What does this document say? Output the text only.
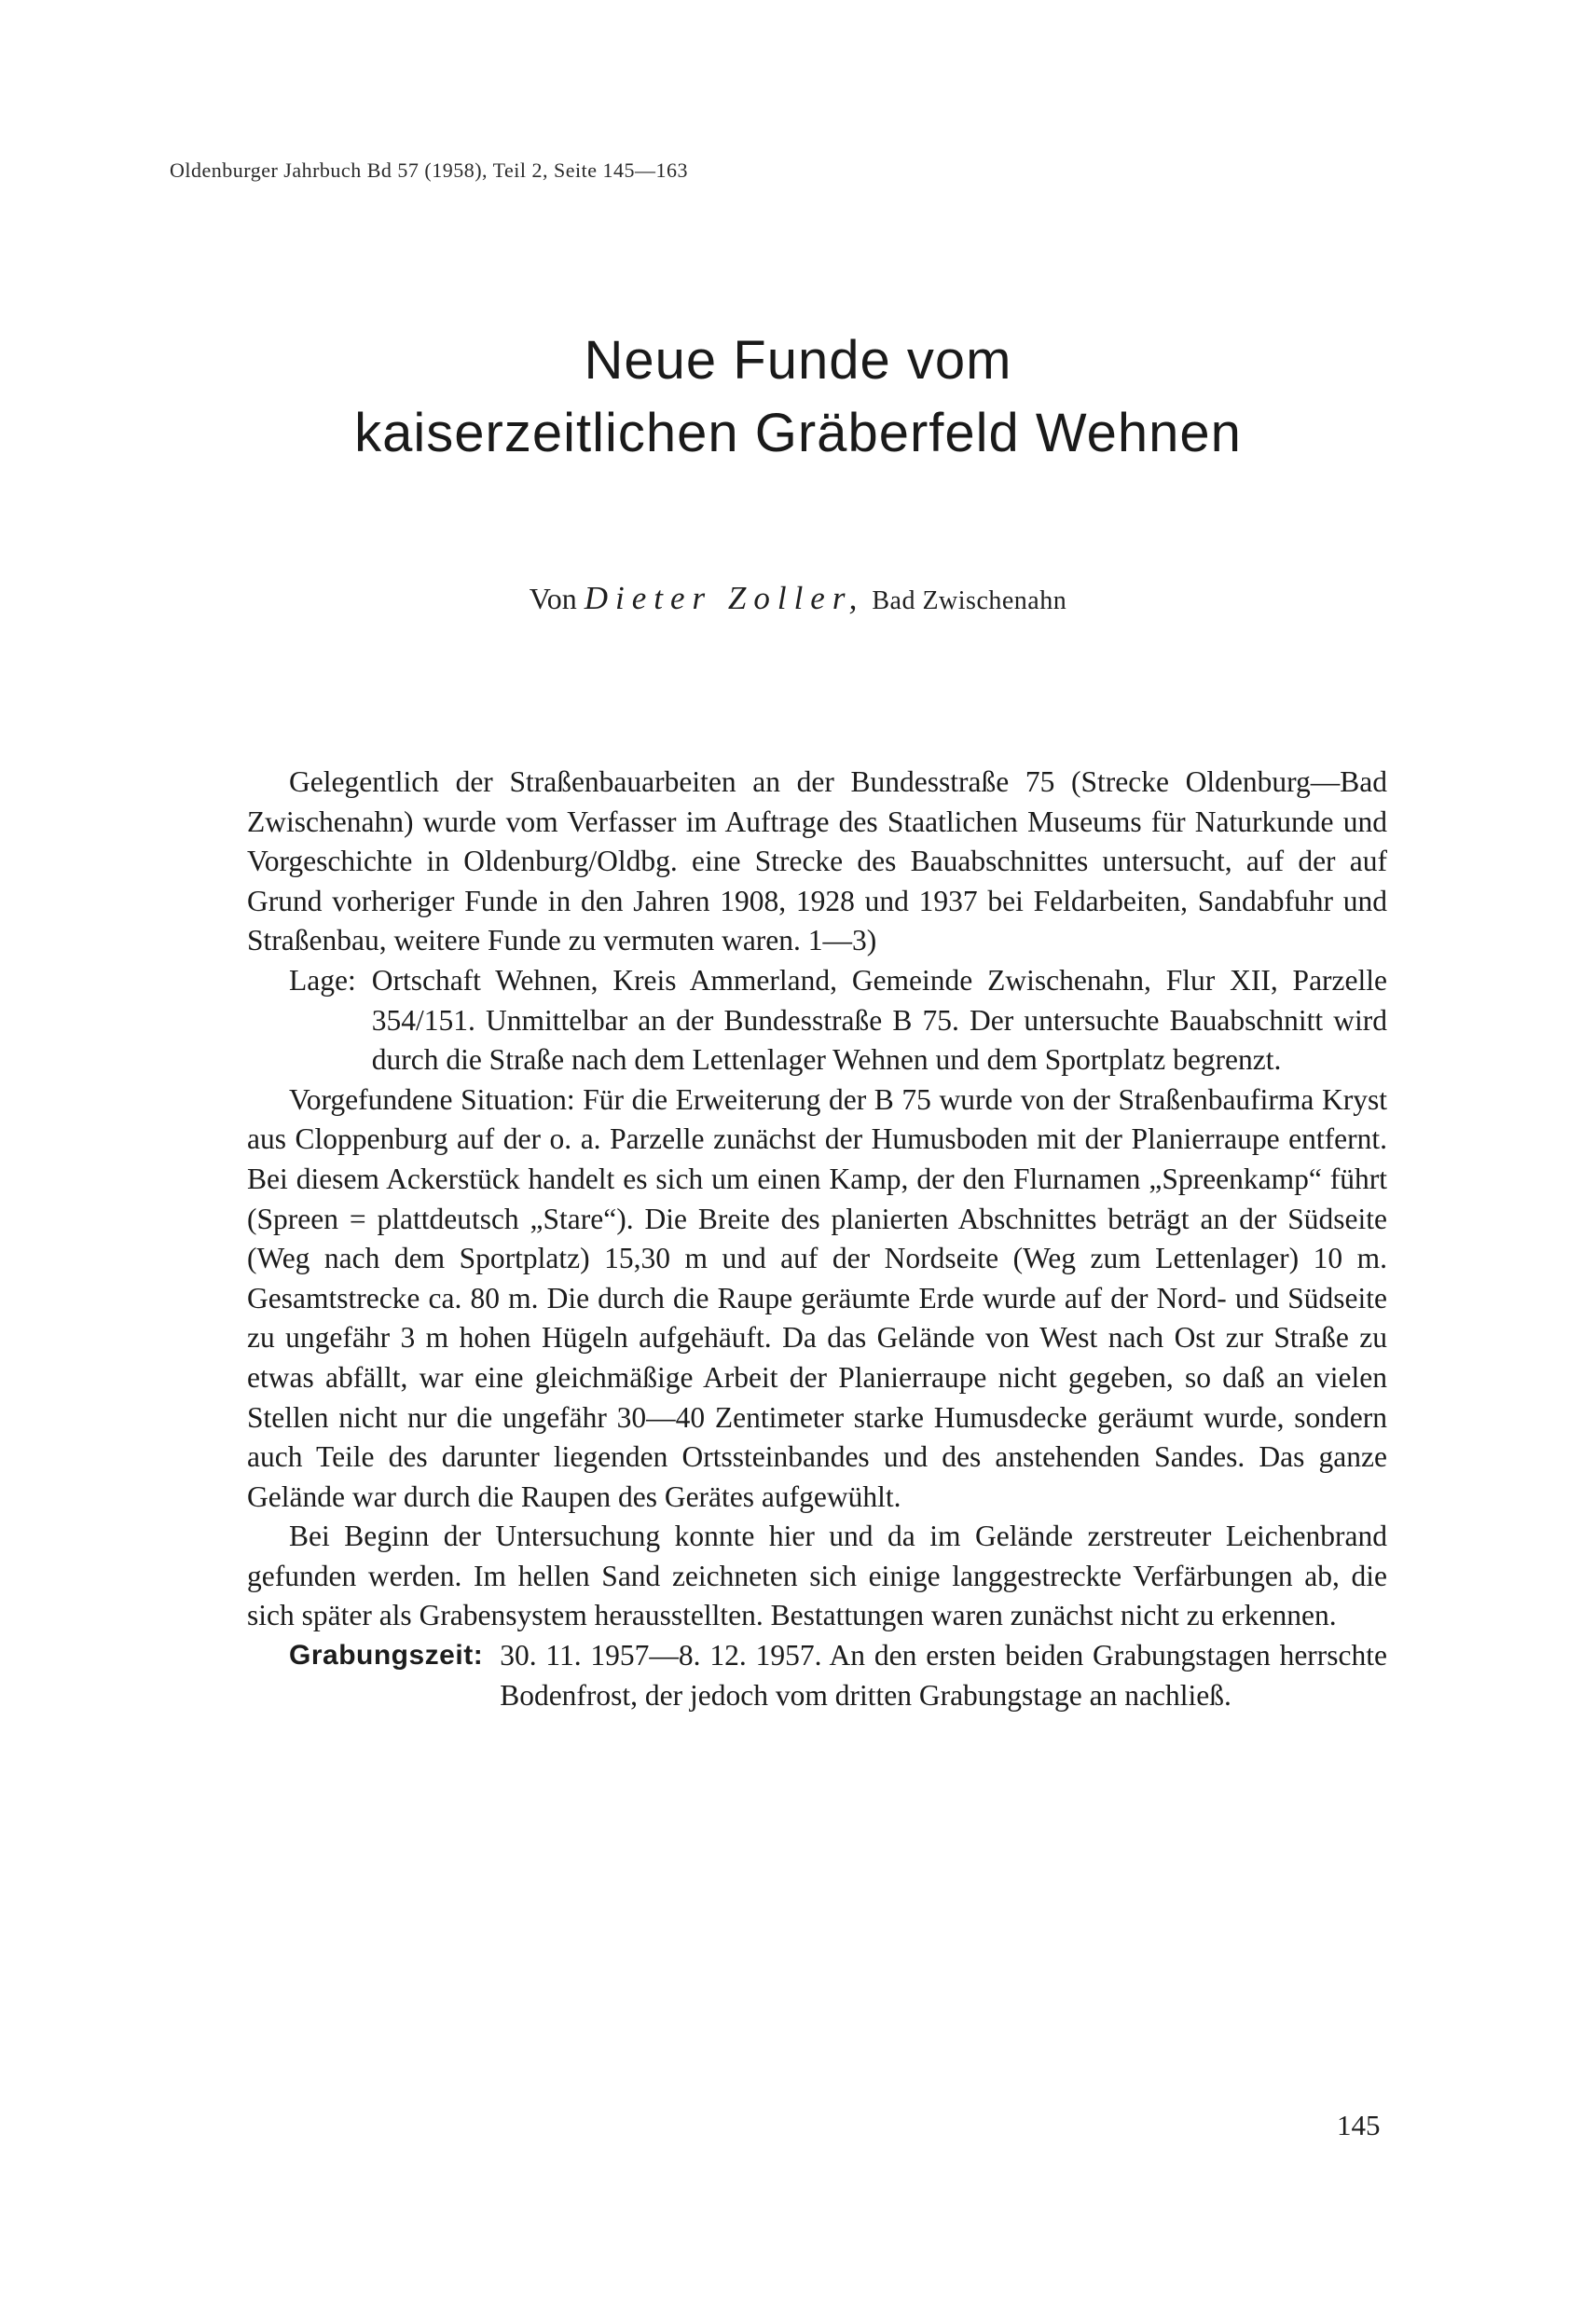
Oldenburger Jahrbuch Bd 57 (1958), Teil 2, Seite 145—163
Neue Funde vom
kaiserzeitlichen Gräberfeld Wehnen
Von Dieter Zoller, Bad Zwischenahn

Gelegentlich der Straßenbauarbeiten an der Bundesstraße 75 (Strecke Oldenburg—Bad Zwischenahn) wurde vom Verfasser im Auftrage des Staatlichen Museums für Naturkunde und Vorgeschichte in Oldenburg/Oldbg. eine Strecke des Bauabschnittes untersucht, auf der auf Grund vorheriger Funde in den Jahren 1908, 1928 und 1937 bei Feldarbeiten, Sandabfuhr und Straßenbau, weitere Funde zu vermuten waren. 1—3)

Lage: Ortschaft Wehnen, Kreis Ammerland, Gemeinde Zwischenahn, Flur XII, Parzelle 354/151. Unmittelbar an der Bundesstraße B 75. Der untersuchte Bauabschnitt wird durch die Straße nach dem Lettenlager Wehnen und dem Sportplatz begrenzt.

Vorgefundene Situation: Für die Erweiterung der B 75 wurde von der Straßenbaufirma Kryst aus Cloppenburg auf der o. a. Parzelle zunächst der Humusboden mit der Planierraupe entfernt. Bei diesem Ackerstück handelt es sich um einen Kamp, der den Flurnamen „Spreenkamp“ führt (Spreen = plattdeutsch „Stare“). Die Breite des planierten Abschnittes beträgt an der Südseite (Weg nach dem Sportplatz) 15,30 m und auf der Nordseite (Weg zum Lettenlager) 10 m. Gesamtstrecke ca. 80 m. Die durch die Raupe geräumte Erde wurde auf der Nord- und Südseite zu ungefähr 3 m hohen Hügeln aufgehäuft. Da das Gelände von West nach Ost zur Straße zu etwas abfällt, war eine gleichmäßige Arbeit der Planierraupe nicht gegeben, so daß an vielen Stellen nicht nur die ungefähr 30—40 Zentimeter starke Humusdecke geräumt wurde, sondern auch Teile des darunter liegenden Ortssteinbandes und des anstehenden Sandes. Das ganze Gelände war durch die Raupen des Gerätes aufgewühlt.

Bei Beginn der Untersuchung konnte hier und da im Gelände zerstreuter Leichenbrand gefunden werden. Im hellen Sand zeichneten sich einige langgestreckte Verfärbungen ab, die sich später als Grabensystem herausstellten. Bestattungen waren zunächst nicht zu erkennen.

Grabungszeit: 30. 11. 1957—8. 12. 1957. An den ersten beiden Grabungstagen herrschte Bodenfrost, der jedoch vom dritten Grabungstage an nachließ.
145
